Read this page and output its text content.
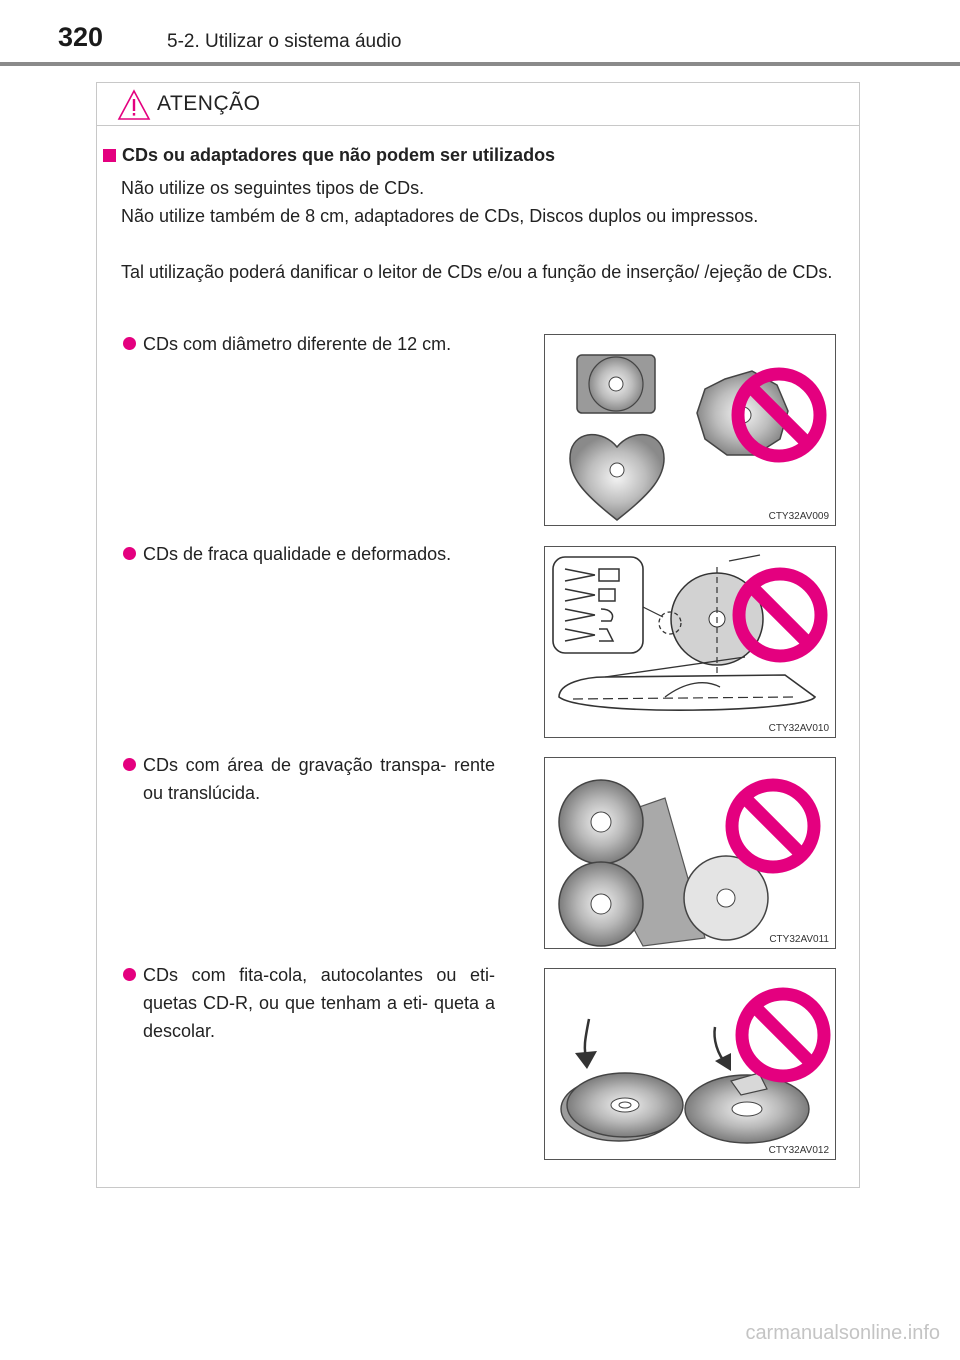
320	5-2. Utilizar o sistema áudio
ATENÇÃO
CDs ou adaptadores que não podem ser utilizados
Não utilize os seguintes tipos de CDs.
Não utilize também de 8 cm, adaptadores de CDs, Discos duplos ou impressos.
Tal utilização poderá danificar o leitor de CDs e/ou a função de inserção/ /ejeção de CDs.
CDs com diâmetro diferente de 12 cm.
CTY32AV009
CDs de fraca qualidade e deformados.
CTY32AV010
CDs com área de gravação transpa- rente ou translúcida.
CTY32AV011
CDs com fita-cola, autocolantes ou eti- quetas CD-R, ou que tenham a eti- queta a descolar.
CTY32AV012
carmanualsonline.info
